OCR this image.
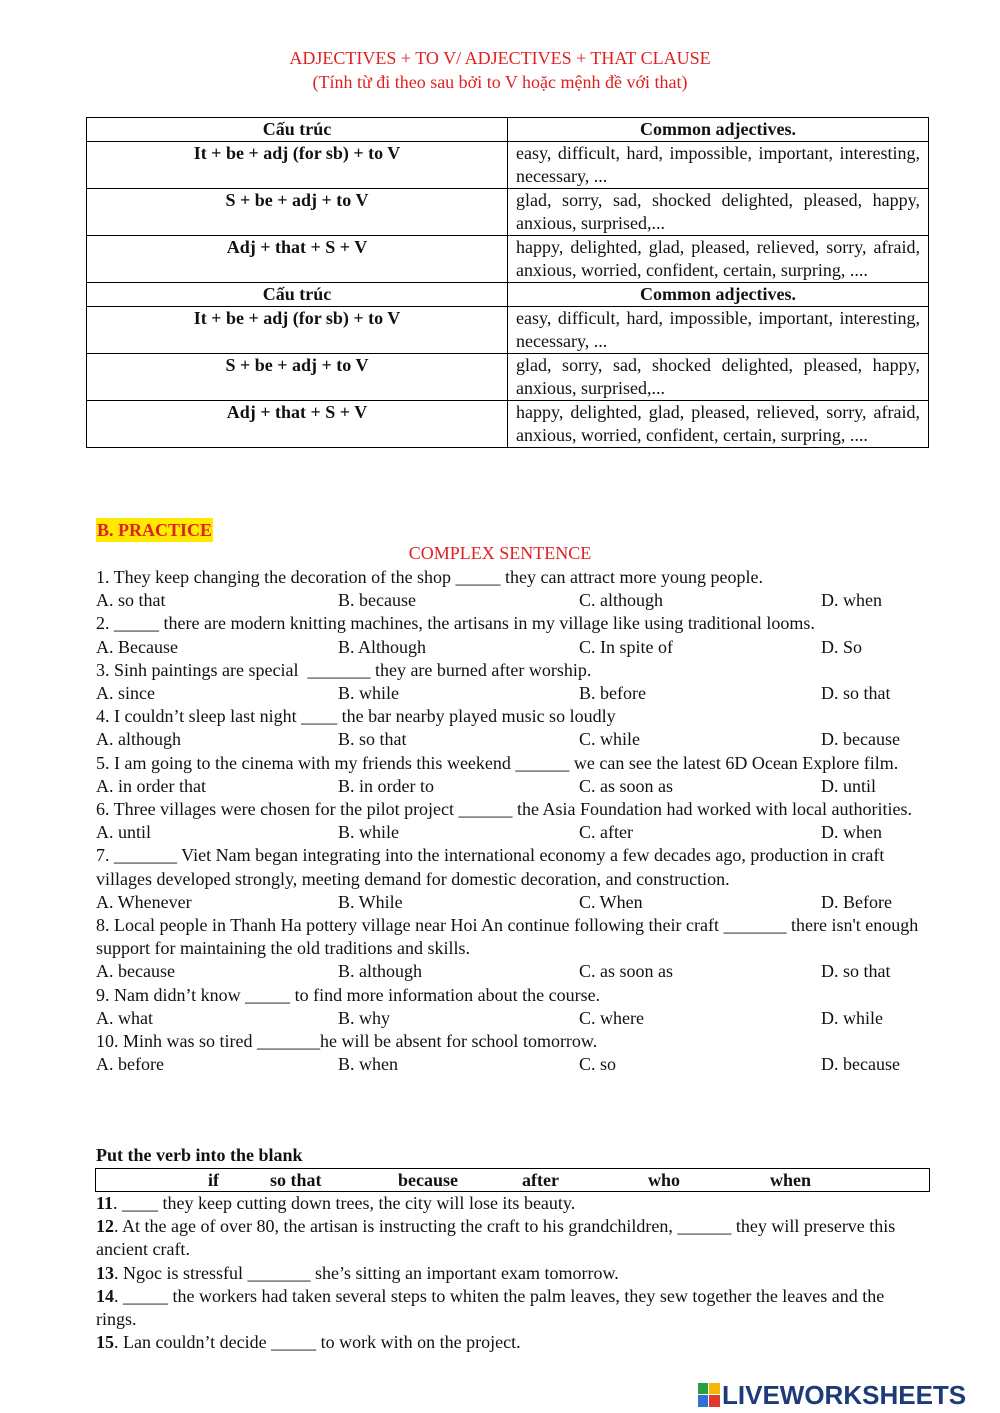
ADJECTIVES + TO V/ ADJECTIVES + THAT CLAUSE
(Tính từ đi theo sau bởi to V hoặc mệnh đề với that)
Cấu trúc	Common adjectives.
It + be + adj (for sb) + to V	easy, difficult, hard, impossible, important, interesting, necessary, ...
S + be + adj + to V	glad, sorry, sad, shocked delighted, pleased, happy, anxious, surprised,...
Adj + that + S + V	happy, delighted, glad, pleased, relieved, sorry, afraid, anxious, worried, confident, certain, surpring, ....
Cấu trúc	Common adjectives.
It + be + adj (for sb) + to V	easy, difficult, hard, impossible, important, interesting, necessary, ...
S + be + adj + to V	glad, sorry, sad, shocked delighted, pleased, happy, anxious, surprised,...
Adj + that + S + V	happy, delighted, glad, pleased, relieved, sorry, afraid, anxious, worried, confident, certain, surpring, ....
B. PRACTICE
COMPLEX SENTENCE

1. They keep changing the decoration of the shop _____ they can attract more young people.

A. so that	B. because	C. although	D. when

2. _____ there are modern knitting machines, the artisans in my village like using traditional looms.

A. Because	B. Although	C. In spite of	D. So

3. Sinh paintings are special  _______ they are burned after worship.

A. since	B. while	B. before	D. so that

4. I couldn’t sleep last night ____ the bar nearby played music so loudly

A. although	B. so that	C. while	D. because

5. I am going to the cinema with my friends this weekend ______ we can see the latest 6D Ocean Explore film.

A. in order that	B. in order to	C. as soon as	D. until

6. Three villages were chosen for the pilot project ______ the Asia Foundation had worked with local authorities.

A. until	B. while	C. after	D. when

7. _______ Viet Nam began integrating into the international economy a few decades ago, production in craft villages developed strongly, meeting demand for domestic decoration, and construction.

A. Whenever	B. While	C. When	D. Before

8. Local people in Thanh Ha pottery village near Hoi An continue following their craft _______ there isn't enough support for maintaining the old traditions and skills.

A. because	B. although	C. as soon as	D. so that

9. Nam didn’t know _____ to find more information about the course.

A. what	B. why	C. where	D. while

10. Minh was so tired _______he will be absent for school tomorrow.

A. before	B. when	C. so	D. because
Put the verb into the blank
if	so that	because	after	who	when
11. ____ they keep cutting down trees, the city will lose its beauty.
12. At the age of over 80, the artisan is instructing the craft to his grandchildren, ______ they will preserve this ancient craft.
13. Ngoc is stressful _______ she’s sitting an important exam tomorrow.
14. _____ the workers had taken several steps to whiten the palm leaves, they sew together the leaves and the rings.
15. Lan couldn’t decide _____ to work with on the project.
LIVEWORKSHEETS
